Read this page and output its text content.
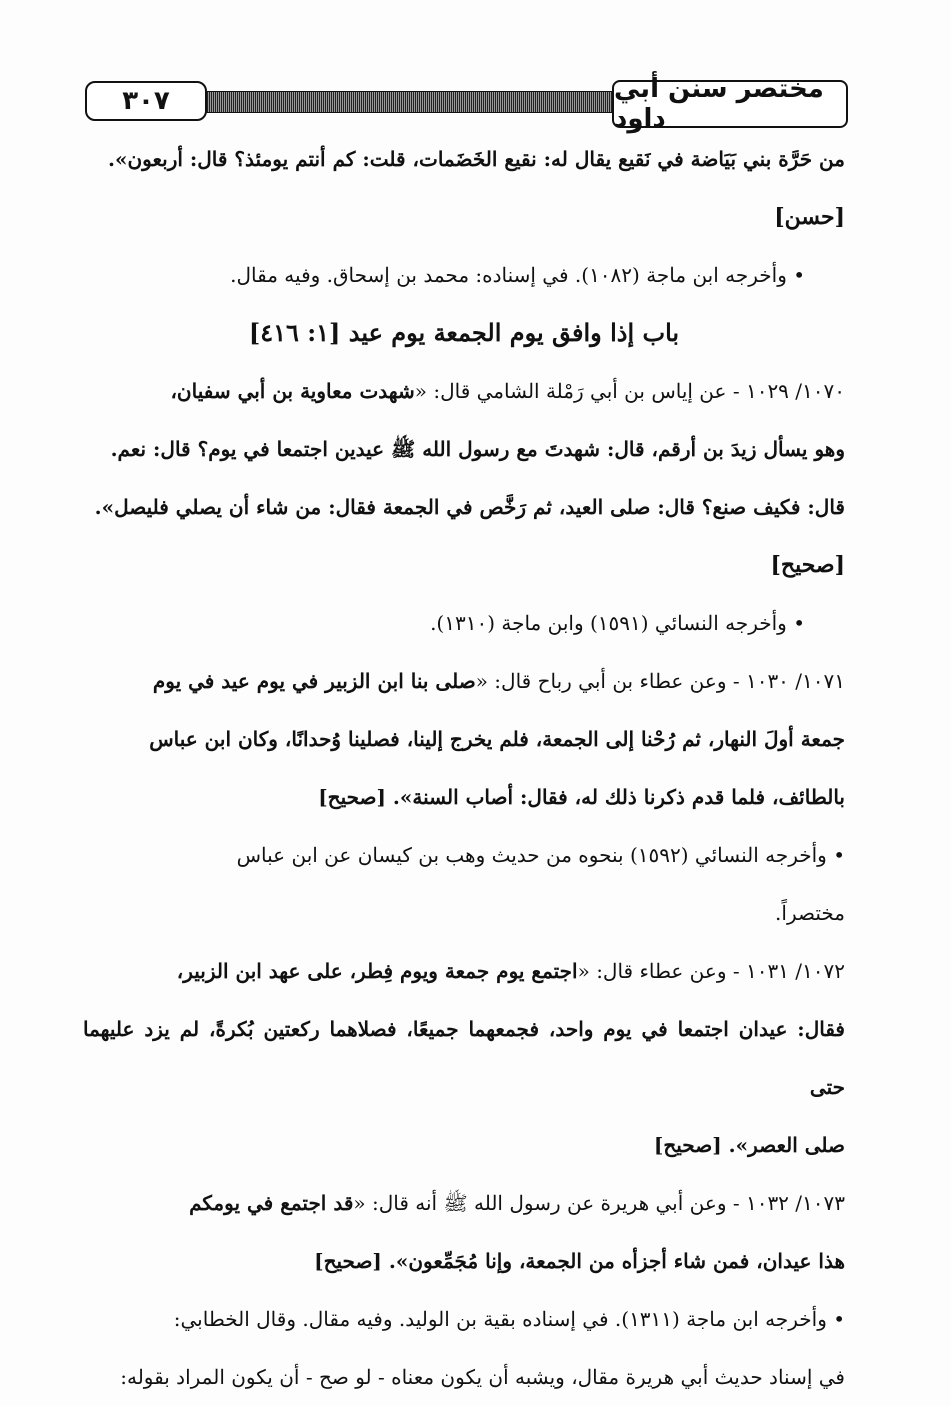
٣٠٧	مختصر سنن أبي داود

من حَرَّة بني بَيَاضة في نَقيع يقال له: نقيع الخَضَمات، قلت: كم أنتم يومئذ؟ قال: أربعون».

[حسن]

• وأخرجه ابن ماجة (١٠٨٢). في إسناده: محمد بن إسحاق. وفيه مقال.

باب إذا وافق يوم الجمعة يوم عيد [١: ٤١٦]

١٠٧٠/ ١٠٢٩ - عن إياس بن أبي رَمْلة الشامي قال: «شهدت معاوية بن أبي سفيان،

وهو يسأل زيدَ بن أرقم، قال: شهدتَ مع رسول الله ﷺ عيدين اجتمعا في يوم؟ قال: نعم.

قال: فكيف صنع؟ قال: صلى العيد، ثم رَخَّص في الجمعة فقال: من شاء أن يصلي فليصل».

[صحيح]

• وأخرجه النسائي (١٥٩١) وابن ماجة (١٣١٠).

١٠٧١/ ١٠٣٠ - وعن عطاء بن أبي رباح قال: «صلى بنا ابن الزبير في يوم عيد في يوم

جمعة أولَ النهار، ثم رُحْنا إلى الجمعة، فلم يخرج إلينا، فصلينا وُحدانًا، وكان ابن عباس

بالطائف، فلما قدم ذكرنا ذلك له، فقال: أصاب السنة». [صحيح]

• وأخرجه النسائي (١٥٩٢) بنحوه من حديث وهب بن كيسان عن ابن عباس

مختصراً.

١٠٧٢/ ١٠٣١ - وعن عطاء قال: «اجتمع يوم جمعة ويوم فِطر، على عهد ابن الزبير،

فقال: عيدان اجتمعا في يوم واحد، فجمعهما جميعًا، فصلاهما ركعتين بُكرةً، لم يزد عليهما حتى

صلى العصر». [صحيح]

١٠٧٣/ ١٠٣٢ - وعن أبي هريرة عن رسول الله ﷺ أنه قال: «قد اجتمع في يومكم

هذا عيدان، فمن شاء أجزأه من الجمعة، وإنا مُجَمِّعون». [صحيح]

• وأخرجه ابن ماجة (١٣١١). في إسناده بقية بن الوليد. وفيه مقال. وقال الخطابي:

في إسناد حديث أبي هريرة مقال، ويشبه أن يكون معناه - لو صح - أن يكون المراد بقوله:
